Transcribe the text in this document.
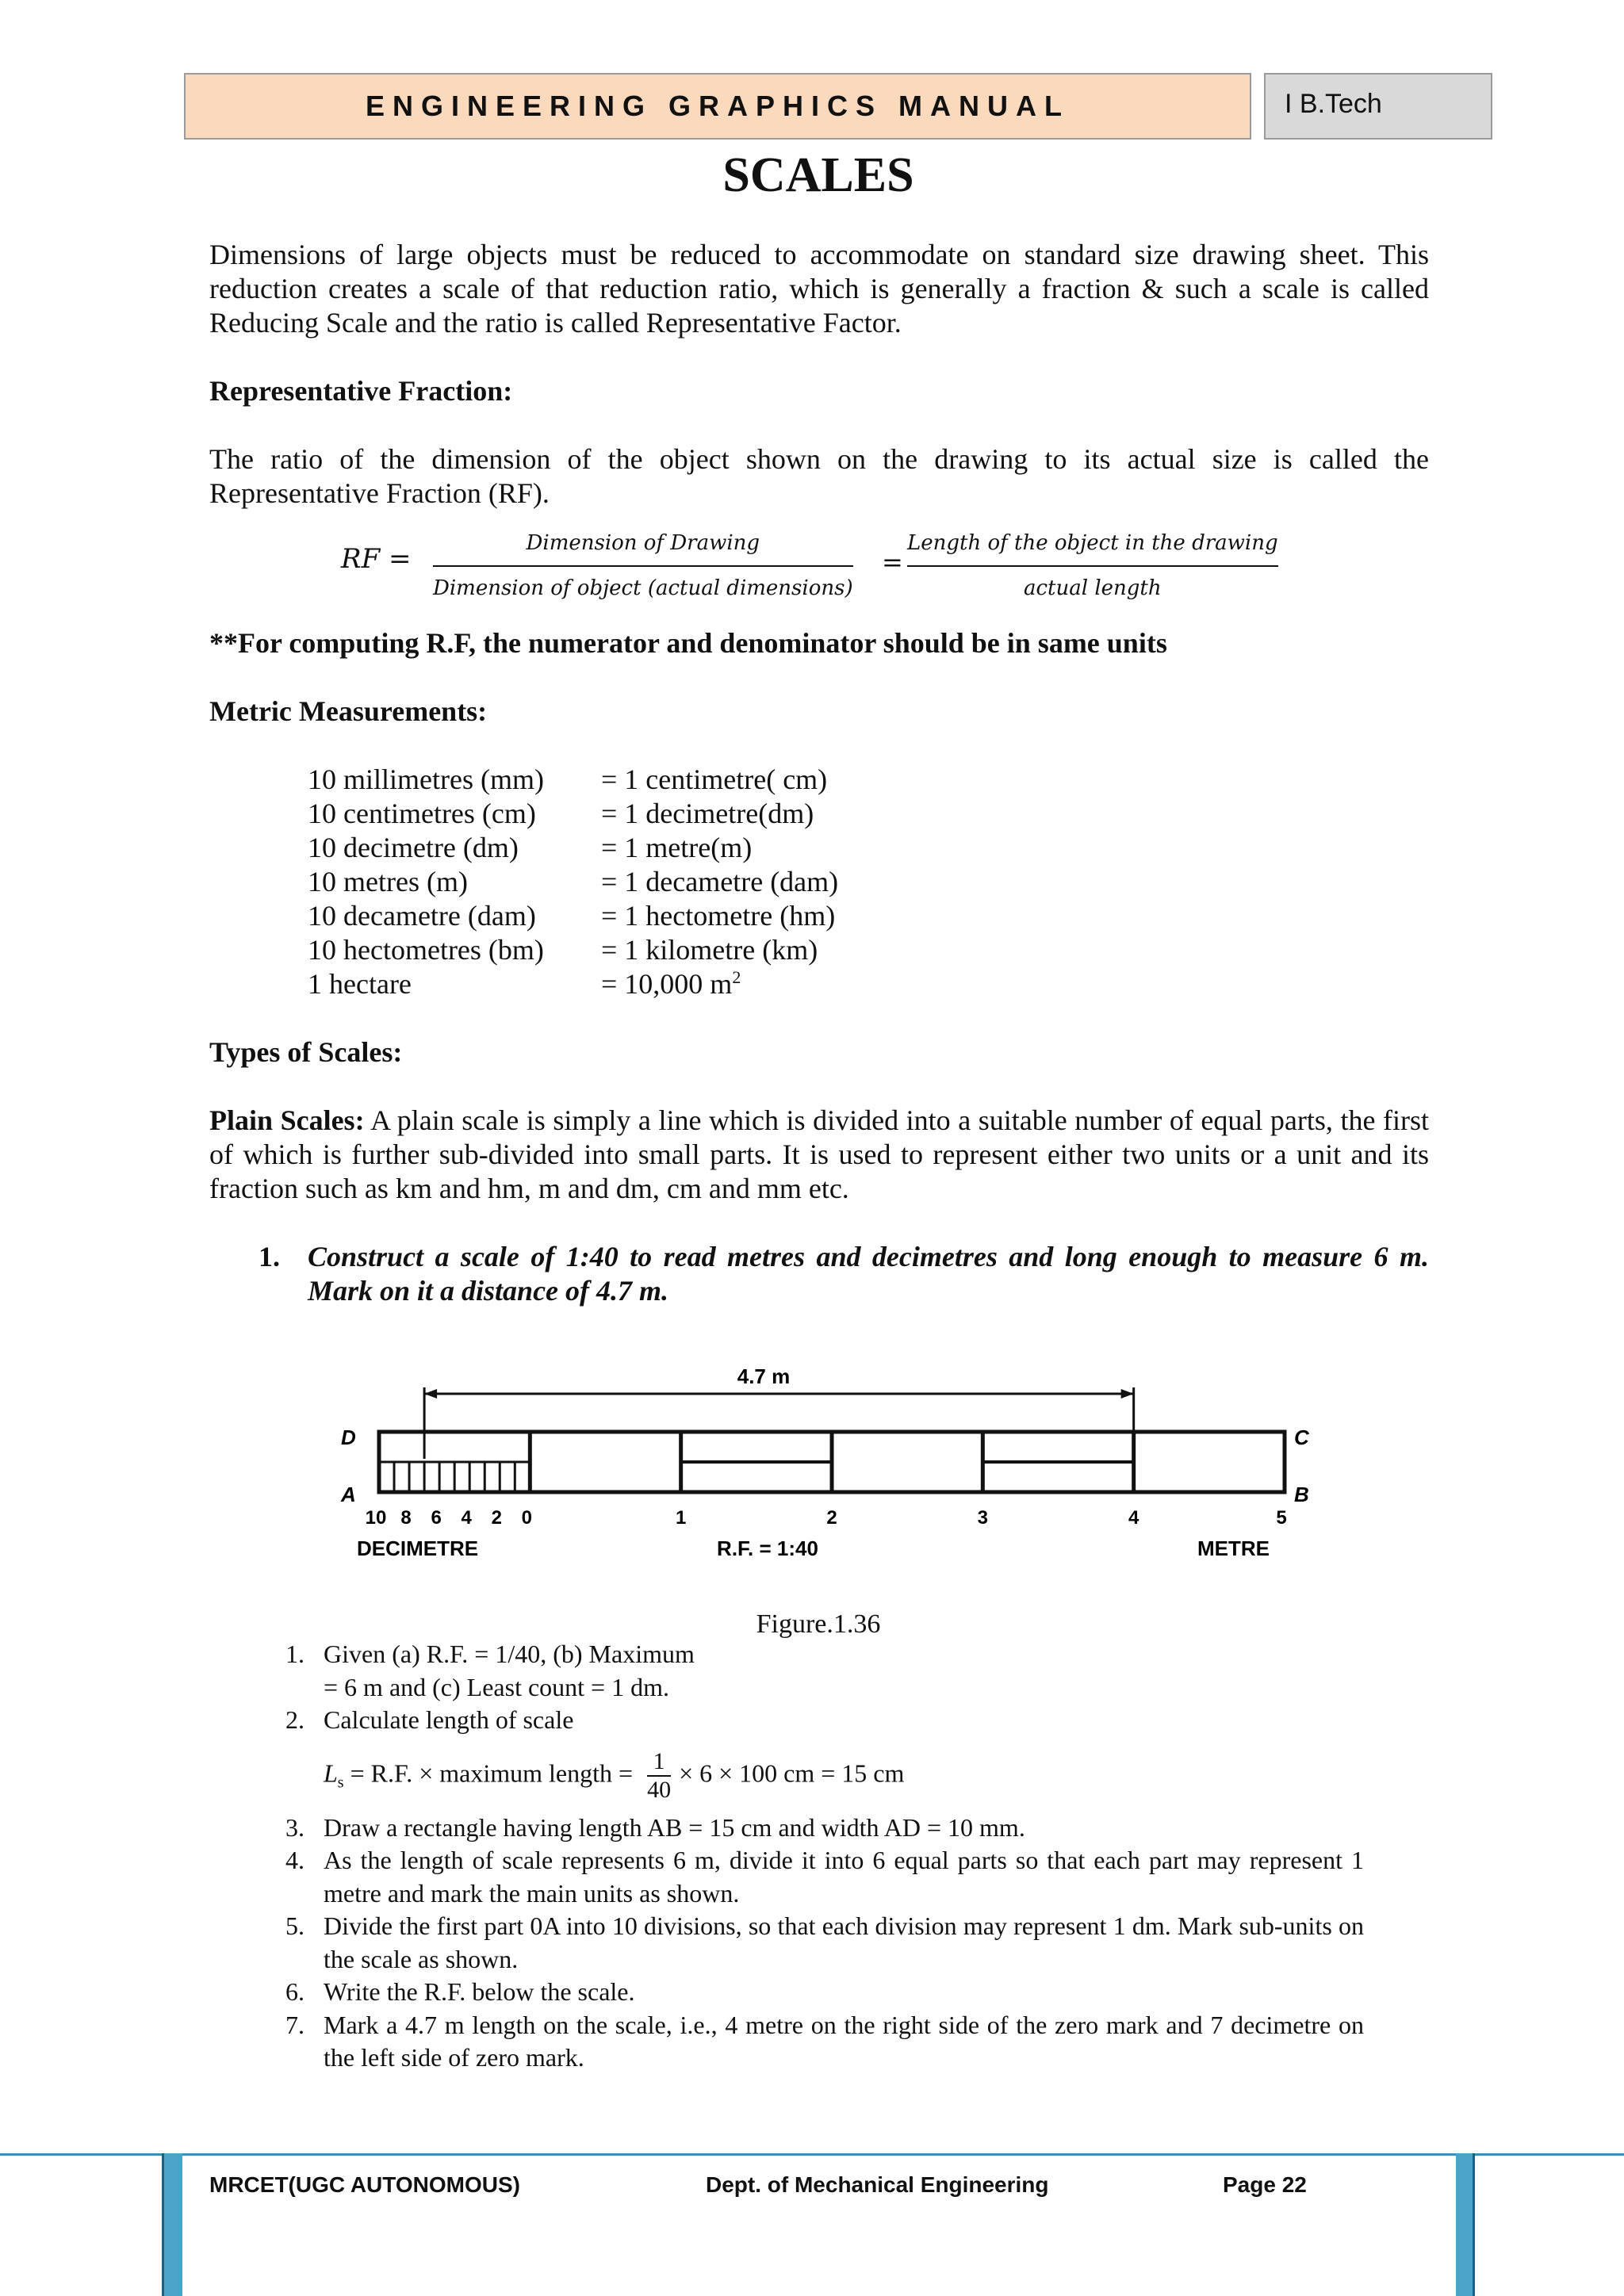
ENGINEERING GRAPHICS MANUAL	I B.Tech
SCALES

Dimensions of large objects must be reduced to accommodate on standard size drawing sheet. This reduction creates a scale of that reduction ratio, which is generally a fraction & such a scale is called Reducing Scale and the ratio is called Representative Factor.

Representative Fraction:

The ratio of the dimension of the object shown on the drawing to its actual size is called the Representative Fraction (RF).

RF =	Dimension of Drawing
Dimension of object (actual dimensions)
=
Length of the object in the drawing
actual length

**For computing R.F, the numerator and denominator should be in same units

Metric Measurements:

10 millimetres (mm)	= 1 centimetre( cm)
10 centimetres (cm)	= 1 decimetre(dm)
10 decimetre (dm)	= 1 metre(m)
10 metres (m)	= 1 decametre (dam)
10 decametre (dam)	= 1 hectometre (hm)
10 hectometres (bm)	= 1 kilometre (km)
1 hectare	= 10,000 $m^2$

Types of Scales:

Plain Scales: A plain scale is simply a line which is divided into a suitable number of equal parts, the first of which is further sub-divided into small parts. It is used to represent either two units or a unit and its fraction such as km and hm, m and dm, cm and mm etc.

1. Construct a scale of 1:40 to read metres and decimetres and long enough to measure 6 m. Mark on it a distance of 4.7 m.
4.7 m
D	C
A	B
10 8 6 4 2 0	1	2	3	4	5
DECIMETRE	R.F. = 1:40	METRE
Figure.1.36
1. Given (a) R.F. = 1/40, (b) Maximum
= 6 m and (c) Least count = 1 dm.
2. Calculate length of scale
$L_s = R.F$. × maximum length = $\frac{1}{40} \times 6 \times 100$ cm = 15 cm
3. Draw a rectangle having length AB = 15 cm and width AD = 10 mm.
4. As the length of scale represents 6 m, divide it into 6 equal parts so that each part may represent 1 metre and mark the main units as shown.
5. Divide the first part 0A into 10 divisions, so that each division may represent 1 dm. Mark sub-units on the scale as shown.
6. Write the R.F. below the scale.
7. Mark a 4.7 m length on the scale, i.e., 4 metre on the right side of the zero mark and 7 decimetre on the left side of zero mark.
MRCET(UGC AUTONOMOUS)	Dept. of Mechanical Engineering	Page 22
